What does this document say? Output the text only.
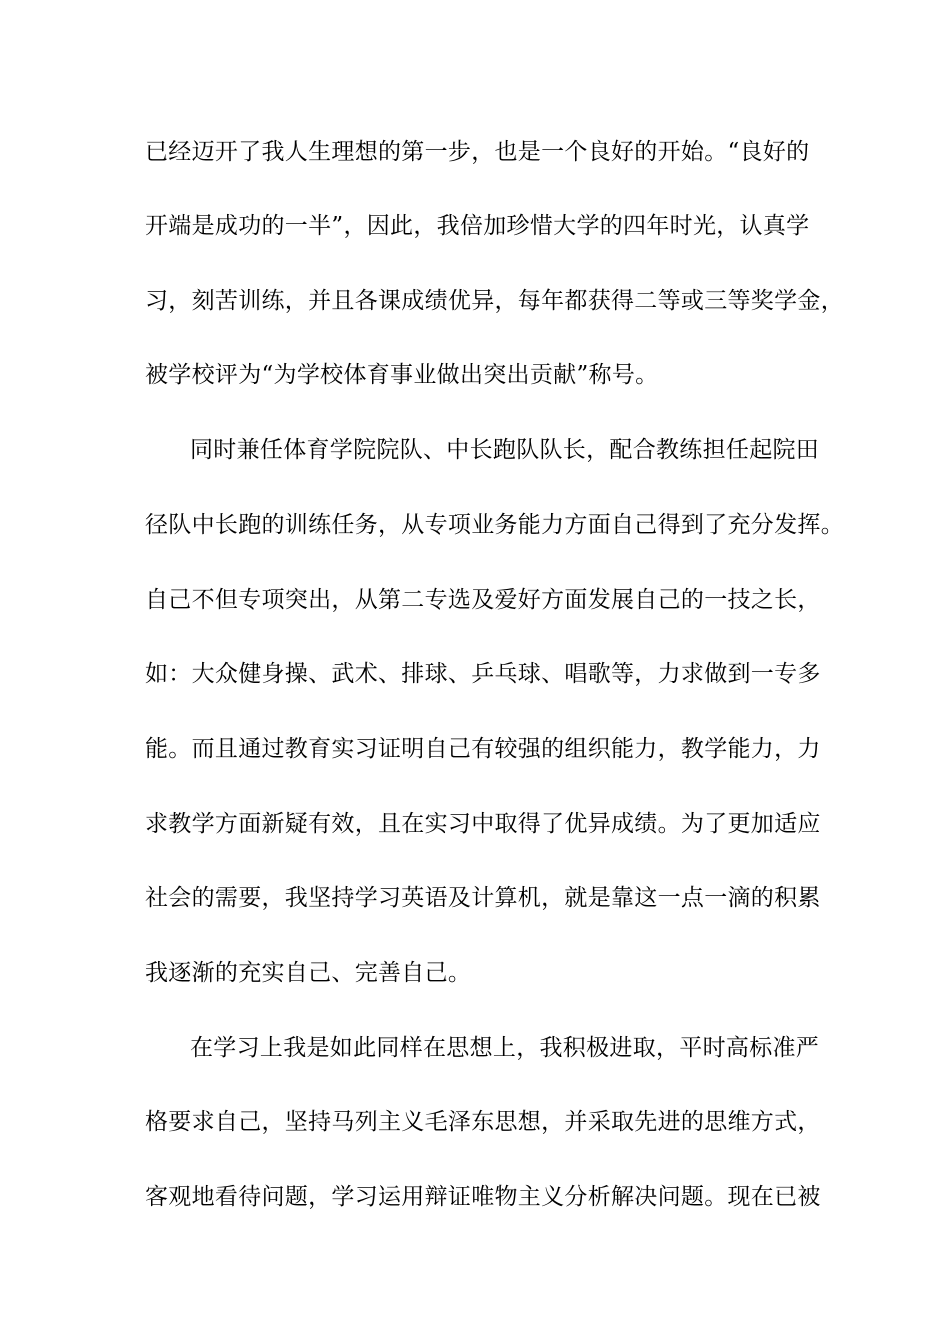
已经迈开了我人生理想的第一步，也是一个良好的开始。“良好的
开端是成功的一半”，因此，我倍加珍惜大学的四年时光，认真学
习，刻苦训练，并且各课成绩优异，每年都获得二等或三等奖学金，
被学校评为“为学校体育事业做出突出贡献”称号。
同时兼任体育学院院队、中长跑队队长，配合教练担任起院田
径队中长跑的训练任务，从专项业务能力方面自己得到了充分发挥。
自己不但专项突出，从第二专选及爱好方面发展自己的一技之长，
如：大众健身操、武术、排球、乒乓球、唱歌等，力求做到一专多
能。而且通过教育实习证明自己有较强的组织能力，教学能力，力
求教学方面新疑有效，且在实习中取得了优异成绩。为了更加适应
社会的需要，我坚持学习英语及计算机，就是靠这一点一滴的积累
我逐渐的充实自己、完善自己。
在学习上我是如此同样在思想上，我积极进取，平时高标准严
格要求自己，坚持马列主义毛泽东思想，并采取先进的思维方式，
客观地看待问题，学习运用辩证唯物主义分析解决问题。现在已被
